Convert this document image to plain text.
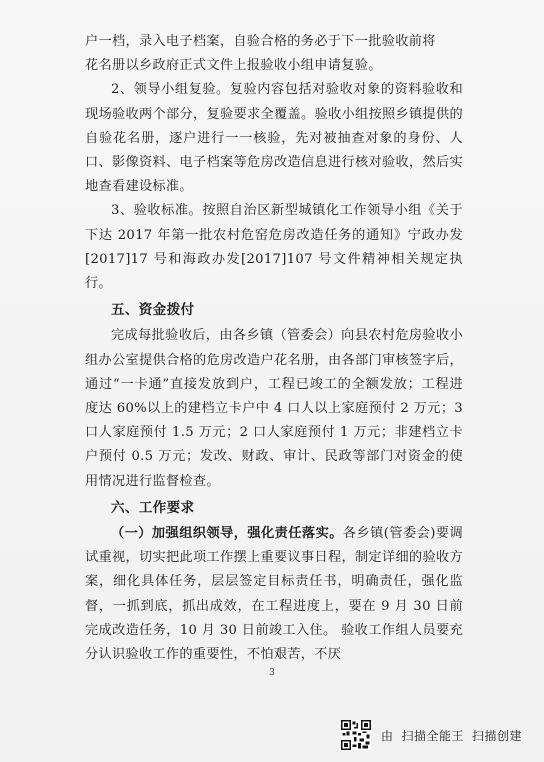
户一档，录入电子档案，自验合格的务必于下一批验收前将

花名册以乡政府正式文件上报验收小组申请复验。

2、领导小组复验。复验内容包括对验收对象的资料验收和现场验收两个部分，复验要求全覆盖。验收小组按照乡镇提供的自验花名册，逐户进行一一核验，先对被抽查对象的身份、人口、影像资料、电子档案等危房改造信息进行核对验收，然后实地查看建设标准。

3、验收标准。按照自治区新型城镇化工作领导小组《关于下达 2017 年第一批农村危窑危房改造任务的通知》宁政办发[2017]17 号和海政办发[2017]107 号文件精神相关规定执行。

五、资金拨付

完成每批验收后，由各乡镇（管委会）向县农村危房验收小组办公室提供合格的危房改造户花名册，由各部门审核签字后，通过“一卡通”直接发放到户，工程已竣工的全额发放；工程进度达 60%以上的建档立卡户中 4 口人以上家庭预付 2 万元；3 口人家庭预付 1.5 万元；2 口人家庭预付 1 万元；非建档立卡户预付 0.5 万元；发改、财政、审计、民政等部门对资金的使用情况进行监督检查。

六、工作要求

（一）加强组织领导，强化责任落实。各乡镇(管委会)要调试重视，切实把此项工作摆上重要议事日程，制定详细的验收方案，细化具体任务，层层签定目标责任书，明确责任，强化监督，一抓到底，抓出成效，在工程进度上，要在 9 月 30 日前完成改造任务，10 月 30 日前竣工入住。 验收工作组人员要充分认识验收工作的重要性，不怕艰苦，不厌

3
由 扫描全能王 扫描创建
